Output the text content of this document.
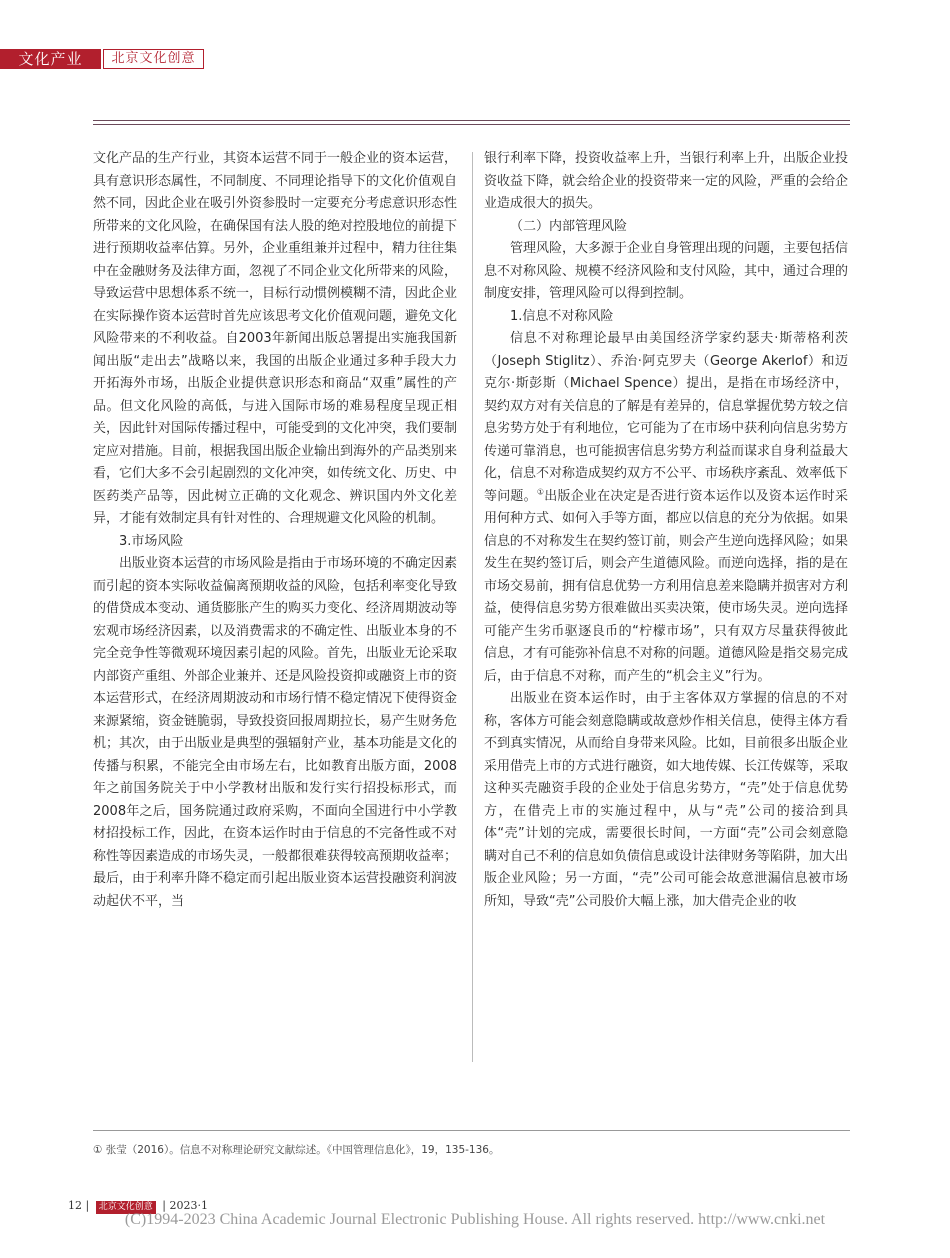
文化产业	北京文化创意

文化产品的生产行业，其资本运营不同于一般企业的资本运营，具有意识形态属性，不同制度、不同理论指导下的文化价值观自然不同，因此企业在吸引外资参股时一定要充分考虑意识形态性所带来的文化风险，在确保国有法人股的绝对控股地位的前提下进行预期收益率估算。另外，企业重组兼并过程中，精力往往集中在金融财务及法律方面，忽视了不同企业文化所带来的风险，导致运营中思想体系不统一，目标行动惯例模糊不清，因此企业在实际操作资本运营时首先应该思考文化价值观问题，避免文化风险带来的不利收益。自2003年新闻出版总署提出实施我国新闻出版“走出去”战略以来，我国的出版企业通过多种手段大力开拓海外市场，出版企业提供意识形态和商品“双重”属性的产品。但文化风险的高低，与进入国际市场的难易程度呈现正相关，因此针对国际传播过程中，可能受到的文化冲突，我们要制定应对措施。目前，根据我国出版企业输出到海外的产品类别来看，它们大多不会引起剧烈的文化冲突，如传统文化、历史、中医药类产品等，因此树立正确的文化观念、辨识国内外文化差异，才能有效制定具有针对性的、合理规避文化风险的机制。

3.市场风险

出版业资本运营的市场风险是指由于市场环境的不确定因素而引起的资本实际收益偏离预期收益的风险，包括利率变化导致的借贷成本变动、通货膨胀产生的购买力变化、经济周期波动等宏观市场经济因素，以及消费需求的不确定性、出版业本身的不完全竞争性等微观环境因素引起的风险。首先，出版业无论采取内部资产重组、外部企业兼并、还是风险投资抑或融资上市的资本运营形式，在经济周期波动和市场行情不稳定情况下使得资金来源紧缩，资金链脆弱，导致投资回报周期拉长，易产生财务危机；其次，由于出版业是典型的强辐射产业，基本功能是文化的传播与积累，不能完全由市场左右，比如教育出版方面，2008年之前国务院关于中小学教材出版和发行实行招投标形式，而2008年之后，国务院通过政府采购，不面向全国进行中小学教材招投标工作，因此，在资本运作时由于信息的不完备性或不对称性等因素造成的市场失灵，一般都很难获得较高预期收益率；最后，由于利率升降不稳定而引起出版业资本运营投融资利润波动起伏不平，当

银行利率下降，投资收益率上升，当银行利率上升，出版企业投资收益下降，就会给企业的投资带来一定的风险，严重的会给企业造成很大的损失。

（二）内部管理风险

管理风险，大多源于企业自身管理出现的问题，主要包括信息不对称风险、规模不经济风险和支付风险，其中，通过合理的制度安排，管理风险可以得到控制。

1.信息不对称风险

信息不对称理论最早由美国经济学家约瑟夫·斯蒂格利茨（Joseph Stiglitz）、乔治·阿克罗夫（George Akerlof）和迈克尔·斯彭斯（Michael Spence）提出，是指在市场经济中，契约双方对有关信息的了解是有差异的，信息掌握优势方较之信息劣势方处于有利地位，它可能为了在市场中获利向信息劣势方传递可靠消息，也可能损害信息劣势方利益而谋求自身利益最大化，信息不对称造成契约双方不公平、市场秩序紊乱、效率低下等问题。①出版企业在决定是否进行资本运作以及资本运作时采用何种方式、如何入手等方面，都应以信息的充分为依据。如果信息的不对称发生在契约签订前，则会产生逆向选择风险；如果发生在契约签订后，则会产生道德风险。而逆向选择，指的是在市场交易前，拥有信息优势一方利用信息差来隐瞒并损害对方利益，使得信息劣势方很难做出买卖决策，使市场失灵。逆向选择可能产生劣币驱逐良币的“柠檬市场”，只有双方尽量获得彼此信息，才有可能弥补信息不对称的问题。道德风险是指交易完成后，由于信息不对称，而产生的“机会主义”行为。

出版业在资本运作时，由于主客体双方掌握的信息的不对称，客体方可能会刻意隐瞒或故意炒作相关信息，使得主体方看不到真实情况，从而给自身带来风险。比如，目前很多出版企业采用借壳上市的方式进行融资，如大地传媒、长江传媒等，采取这种买壳融资手段的企业处于信息劣势方，“壳”处于信息优势方，在借壳上市的实施过程中，从与“壳”公司的接洽到具体“壳”计划的完成，需要很长时间，一方面“壳”公司会刻意隐瞒对自己不利的信息如负债信息或设计法律财务等陷阱，加大出版企业风险；另一方面，“壳”公司可能会故意泄漏信息被市场所知，导致“壳”公司股价大幅上涨，加大借壳企业的收

① 张莹（2016）。信息不对称理论研究文献综述。《中国管理信息化》，19，135-136。
12 | 北京文化创意 | 2023·1
(C)1994-2023 China Academic Journal Electronic Publishing House. All rights reserved. http://www.cnki.net
